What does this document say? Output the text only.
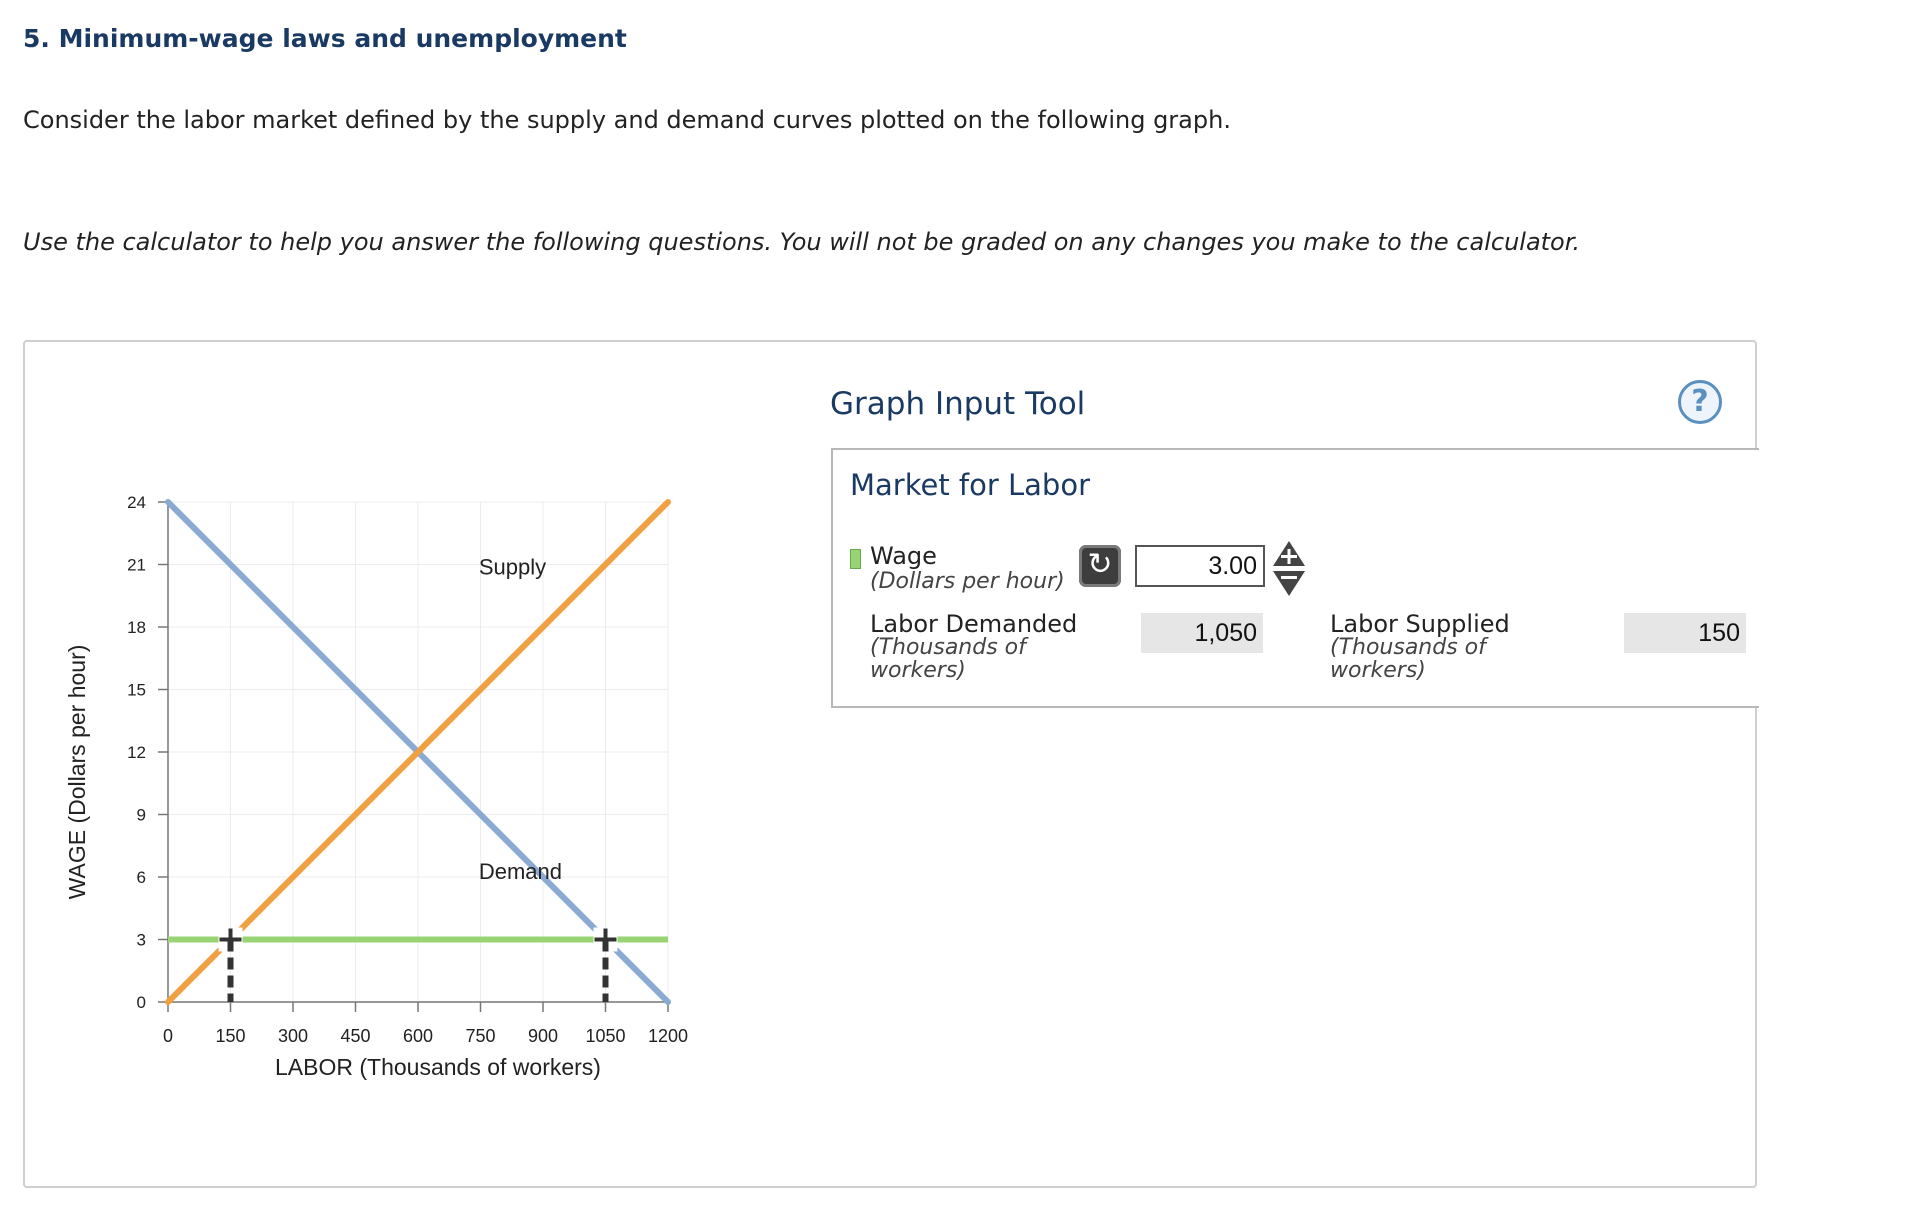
5. Minimum-wage laws and unemployment
Consider the labor market defined by the supply and demand curves plotted on the following graph.
Use the calculator to help you answer the following questions. You will not be graded on any changes you make to the calculator.
0
3
6
9
12
15
18
21
24
0 150 300 450 600 750 900 1050 1200
LABOR (Thousands of workers)
WAGE (Dollars per hour)
Supply
Demand
Graph Input Tool	?
Market for Labor
Wage
(Dollars per hour) ↻
3.00
Labor Demanded
(Thousands of workers)
1,050	Labor Supplied
(Thousands of workers)
150
